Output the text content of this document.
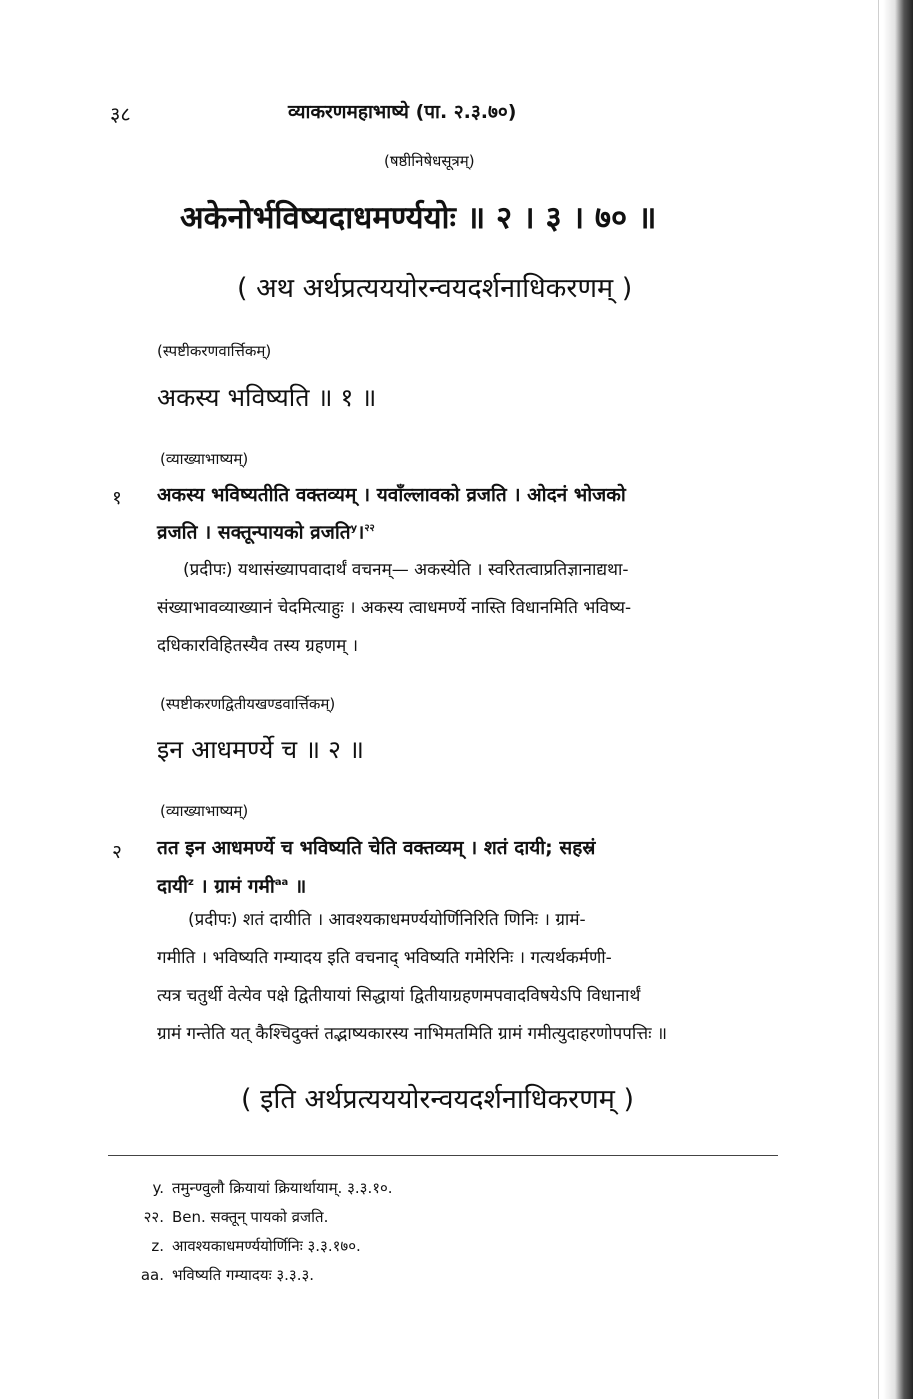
३८	व्याकरणमहाभाष्ये (पा. २.३.७०)
(षष्ठीनिषेधसूत्रम्)
अकेनोर्भविष्यदाधमर्ण्ययोः ॥ २ । ३ । ७० ॥
( अथ अर्थप्रत्यययोरन्वयदर्शनाधिकरणम् )
(स्पष्टीकरणवार्त्तिकम्)
अकस्य भविष्यति ॥ १ ॥
(व्याख्याभाष्यम्)
१ अकस्य भविष्यतीति वक्तव्यम् । यवाँल्लावको व्रजति । ओदनं भोजको
व्रजति । सक्तून्पायको व्रजति$^y$।$^{२२}$
(प्रदीपः) यथासंख्यापवादार्थं वचनम्— अकस्येति । स्वरितत्वाप्रतिज्ञानाद्यथा-
संख्याभावव्याख्यानं चेदमित्याहुः । अकस्य त्वाधमर्ण्ये नास्ति विधानमिति भविष्य-
दधिकारविहितस्यैव तस्य ग्रहणम् ।
(स्पष्टीकरणद्वितीयखण्डवार्त्तिकम्)
इन आधमर्ण्ये च ॥ २ ॥
(व्याख्याभाष्यम्)
२ तत इन आधमर्ण्ये च भविष्यति चेति वक्तव्यम् । शतं दायी; सहस्रं
दायी$^z$ । ग्रामं गमी$^{aa}$ ॥
(प्रदीपः) शतं दायीति । आवश्यकाधमर्ण्ययोर्णिनिरिति णिनिः । ग्रामं-
गमीति । भविष्यति गम्यादय इति वचनाद् भविष्यति गमेरिनिः । गत्यर्थकर्मणी-
त्यत्र चतुर्थी वेत्येव पक्षे द्वितीयायां सिद्धायां द्वितीयाग्रहणमपवादविषयेऽपि विधानार्थं
ग्रामं गन्तेति यत् कैश्चिदुक्तं तद्भाष्यकारस्य नाभिमतमिति ग्रामं गमीत्युदाहरणोपपत्तिः ॥
( इति अर्थप्रत्यययोरन्वयदर्शनाधिकरणम् )
y. तमुन्ण्वुलौ क्रियायां क्रियार्थायाम्. ३.३.१०.
२२. Ben. सक्तून् पायको व्रजति.
z. आवश्यकाधमर्ण्ययोर्णिनिः ३.३.१७०.
aa. भविष्यति गम्यादयः ३.३.३.
